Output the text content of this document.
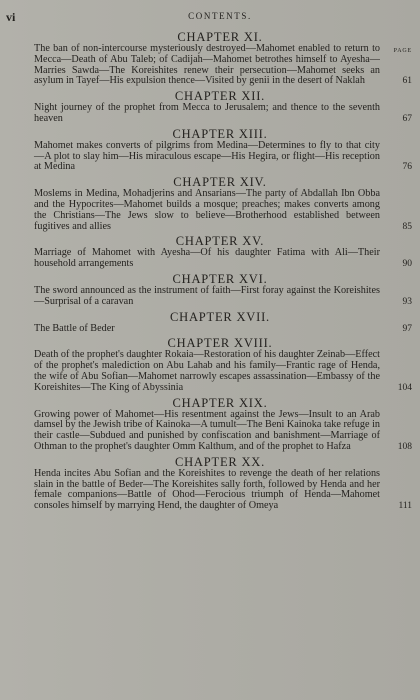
vi	CONTENTS.
PAGE
CHAPTER XI.
The ban of non-intercourse mysteriously destroyed—Mahomet enabled to return to Mecca—Death of Abu Taleb; of Cadijah—Mahomet betrothes himself to Ayesha—Marries Sawda—The Koreishites renew their persecution—Mahomet seeks an asylum in Tayef—His expulsion thence—Visited by genii in the desert of Naklah	61
CHAPTER XII.
Night journey of the prophet from Mecca to Jerusalem; and thence to the seventh heaven	67
CHAPTER XIII.
Mahomet makes converts of pilgrims from Medina—Determines to fly to that city—A plot to slay him—His miraculous escape—His Hegira, or flight—His reception at Medina	76
CHAPTER XIV.
Moslems in Medina, Mohadjerins and Ansarians—The party of Abdallah Ibn Obba and the Hypocrites—Mahomet builds a mosque; preaches; makes converts among the Christians—The Jews slow to believe—Brotherhood established between fugitives and allies	85
CHAPTER XV.
Marriage of Mahomet with Ayesha—Of his daughter Fatima with Ali—Their household arrangements	90
CHAPTER XVI.
The sword announced as the instrument of faith—First foray against the Koreishites—Surprisal of a caravan	93
CHAPTER XVII.
The Battle of Beder	97
CHAPTER XVIII.
Death of the prophet's daughter Rokaia—Restoration of his daughter Zeinab—Effect of the prophet's malediction on Abu Lahab and his family—Frantic rage of Henda, the wife of Abu Sofian—Mahomet narrowly escapes assassination—Embassy of the Koreishites—The King of Abyssinia	104
CHAPTER XIX.
Growing power of Mahomet—His resentment against the Jews—Insult to an Arab damsel by the Jewish tribe of Kainoka—A tumult—The Beni Kainoka take refuge in their castle—Subdued and punished by confiscation and banishment—Marriage of Othman to the prophet's daughter Omm Kalthum, and of the prophet to Hafza	108
CHAPTER XX.
Henda incites Abu Sofian and the Koreishites to revenge the death of her relations slain in the battle of Beder—The Koreishites sally forth, followed by Henda and her female companions—Battle of Ohod—Ferocious triumph of Henda—Mahomet consoles himself by marrying Hend, the daughter of Omeya	111
